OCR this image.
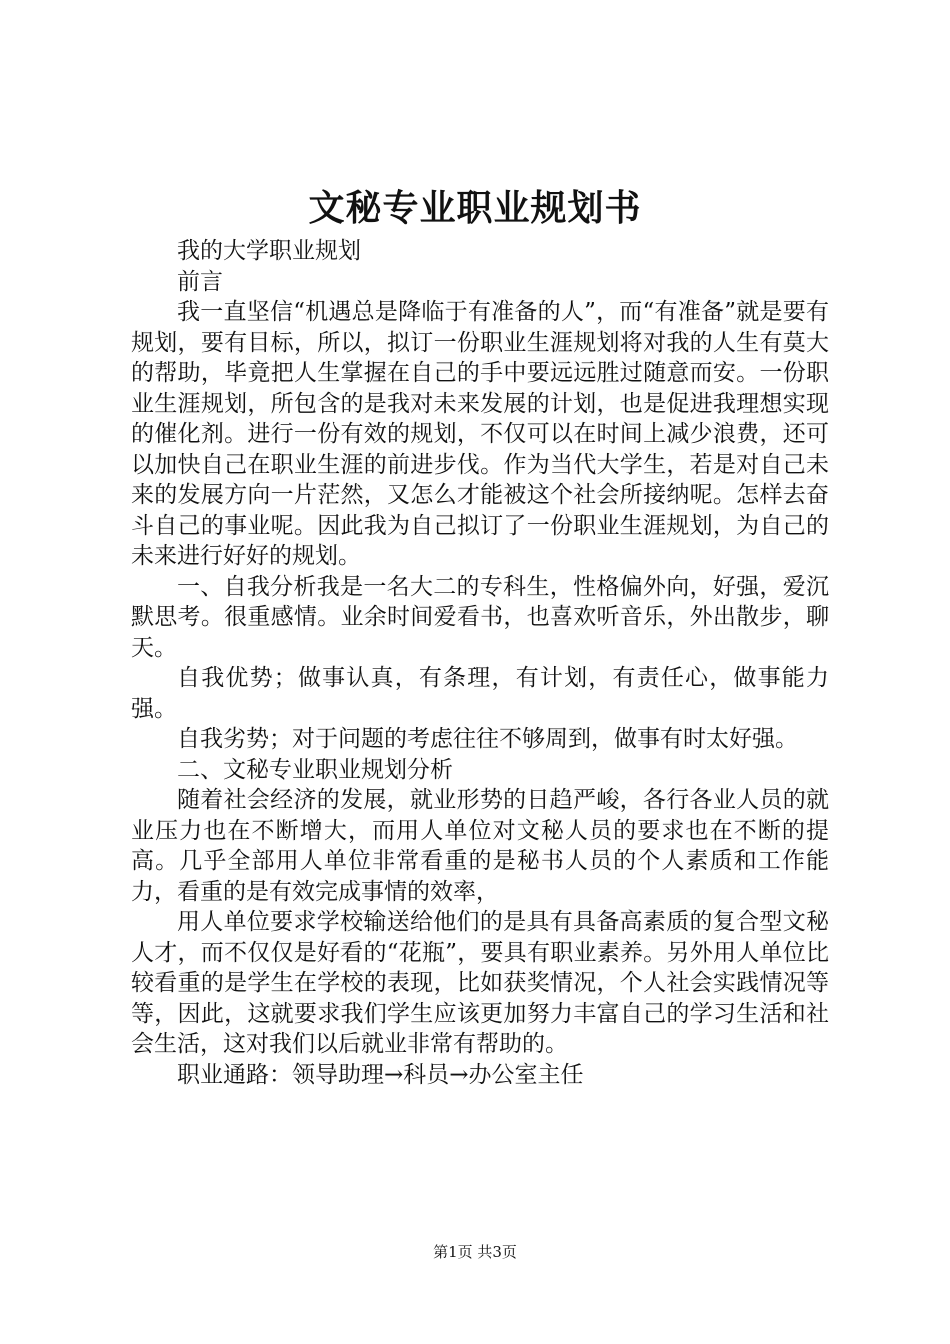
文秘专业职业规划书

我的大学职业规划

前言

我一直坚信“机遇总是降临于有准备的人”，而“有准备”就是要有规划，要有目标，所以，拟订一份职业生涯规划将对我的人生有莫大的帮助，毕竟把人生掌握在自己的手中要远远胜过随意而安。一份职业生涯规划，所包含的是我对未来发展的计划，也是促进我理想实现的催化剂。进行一份有效的规划，不仅可以在时间上减少浪费，还可以加快自己在职业生涯的前进步伐。作为当代大学生，若是对自己未来的发展方向一片茫然，又怎么才能被这个社会所接纳呢。怎样去奋斗自己的事业呢。因此我为自己拟订了一份职业生涯规划，为自己的未来进行好好的规划。

一、自我分析我是一名大二的专科生，性格偏外向，好强，爱沉默思考。很重感情。业余时间爱看书，也喜欢听音乐，外出散步，聊天。

自我优势；做事认真，有条理，有计划，有责任心，做事能力强。

自我劣势；对于问题的考虑往往不够周到，做事有时太好强。

二、文秘专业职业规划分析

随着社会经济的发展，就业形势的日趋严峻，各行各业人员的就业压力也在不断增大，而用人单位对文秘人员的要求也在不断的提高。几乎全部用人单位非常看重的是秘书人员的个人素质和工作能力，看重的是有效完成事情的效率，

用人单位要求学校输送给他们的是具有具备高素质的复合型文秘人才，而不仅仅是好看的“花瓶”，要具有职业素养。另外用人单位比较看重的是学生在学校的表现，比如获奖情况，个人社会实践情况等等，因此，这就要求我们学生应该更加努力丰富自己的学习生活和社会生活，这对我们以后就业非常有帮助的。

职业通路：领导助理→科员→办公室主任

第1页 共3页
